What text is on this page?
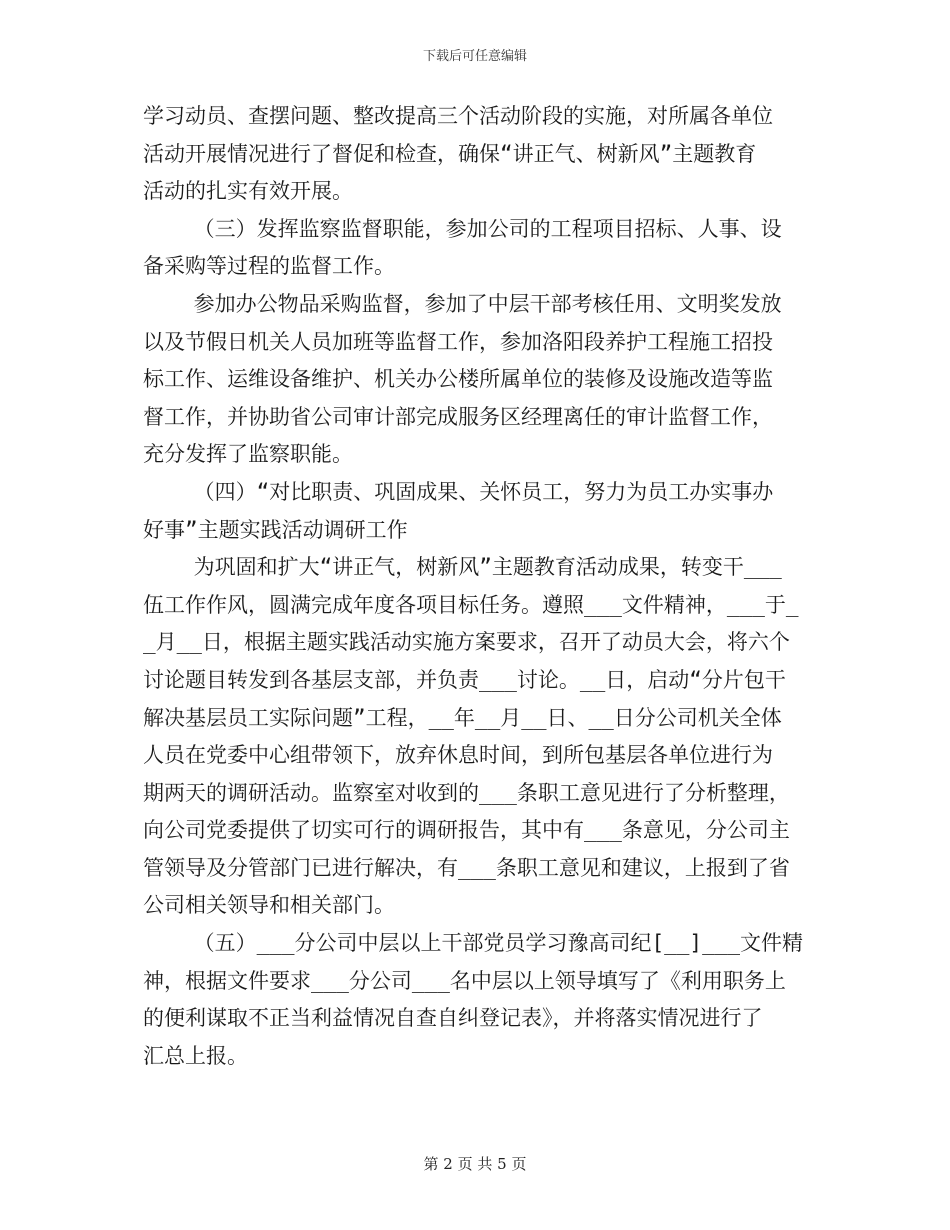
下载后可任意编辑

学习动员、查摆问题、整改提高三个活动阶段的实施，对所属各单位

活动开展情况进行了督促和检查，确保“讲正气、树新风”主题教育

活动的扎实有效开展。

（三）发挥监察监督职能，参加公司的工程项目招标、人事、设

备采购等过程的监督工作。

参加办公物品采购监督，参加了中层干部考核任用、文明奖发放

以及节假日机关人员加班等监督工作，参加洛阳段养护工程施工招投

标工作、运维设备维护、机关办公楼所属单位的装修及设施改造等监

督工作，并协助省公司审计部完成服务区经理离任的审计监督工作，

充分发挥了监察职能。

（四）“对比职责、巩固成果、关怀员工，努力为员工办实事办

好事”主题实践活动调研工作

为巩固和扩大“讲正气，树新风”主题教育活动成果，转变干___

伍工作作风，圆满完成年度各项目标任务。遵照___文件精神，___于_

_月__日，根据主题实践活动实施方案要求，召开了动员大会，将六个

讨论题目转发到各基层支部，并负责___讨论。__日，启动“分片包干

解决基层员工实际问题”工程，__年__月__日、__日分公司机关全体

人员在党委中心组带领下，放弃休息时间，到所包基层各单位进行为

期两天的调研活动。监察室对收到的___条职工意见进行了分析整理，

向公司党委提供了切实可行的调研报告，其中有___条意见，分公司主

管领导及分管部门已进行解决，有___条职工意见和建议，上报到了省

公司相关领导和相关部门。

（五）___分公司中层以上干部党员学习豫高司纪[__]___文件精

神，根据文件要求___分公司___名中层以上领导填写了《利用职务上

的便利谋取不正当利益情况自查自纠登记表》，并将落实情况进行了

汇总上报。

第 2 页 共 5 页
